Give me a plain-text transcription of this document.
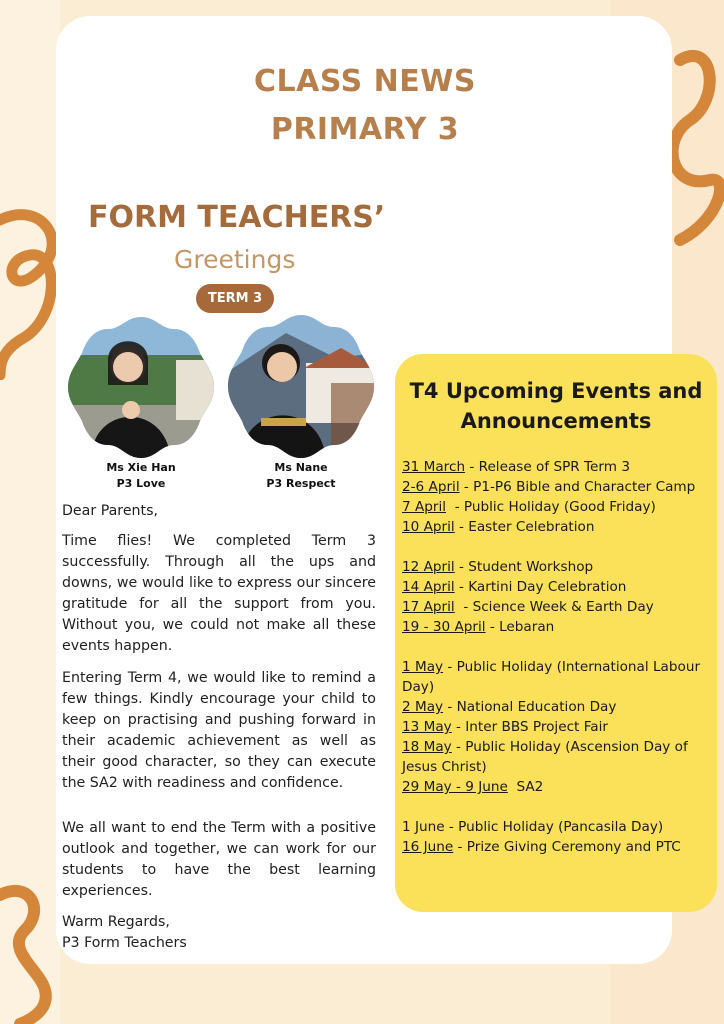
CLASS NEWS
PRIMARY 3
FORM TEACHERS’
Greetings
TERM 3
Ms Xie Han
P3 Love
Ms Nane
P3 Respect

Dear Parents,

Time flies! We completed Term 3 successfully. Through all the ups and downs, we would like to express our sincere gratitude for all the support from you. Without you, we could not make all these events happen.

Entering Term 4, we would like to remind a few things. Kindly encourage your child to keep on practising and pushing forward in their academic achievement as well as their good character, so they can execute the SA2 with readiness and confidence.

We all want to end the Term with a positive outlook and together, we can work for our students to have the best learning experiences.

Warm Regards,
P3 Form Teachers

T4 Upcoming Events and Announcements
31 March - Release of SPR Term 3
2-6 April - P1-P6 Bible and Character Camp
7 April  - Public Holiday (Good Friday)
10 April - Easter Celebration
12 April - Student Workshop
14 April - Kartini Day Celebration
17 April  - Science Week & Earth Day
19 - 30 April - Lebaran
1 May - Public Holiday (International Labour Day)
2 May - National Education Day
13 May - Inter BBS Project Fair
18 May - Public Holiday (Ascension Day of Jesus Christ)
29 May - 9 June  SA2
1 June - Public Holiday (Pancasila Day)
16 June - Prize Giving Ceremony and PTC
